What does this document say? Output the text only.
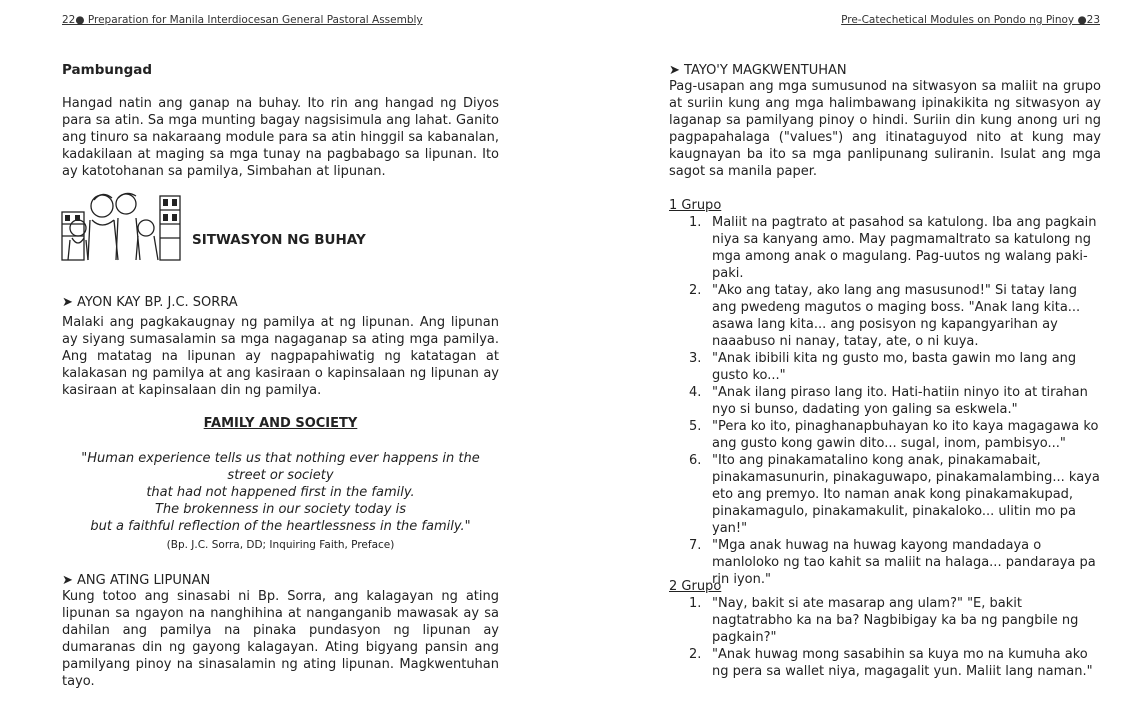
22● Preparation for Manila Interdiocesan General Pastoral Assembly

Pambungad

Hangad natin ang ganap na buhay. Ito rin ang hangad ng Diyos para sa atin. Sa mga munting bagay nagsisimula ang lahat. Ganito ang tinuro sa nakaraang module para sa atin hinggil sa kabanalan, kadakilaan at maging sa mga tunay na pagbabago sa lipunan. Ito ay katotohanan sa pamilya, Simbahan at lipunan.
SITWASYON NG BUHAY
➤ AYON KAY BP. J.C. SORRA
Malaki ang pagkakaugnay ng pamilya at ng lipunan. Ang lipunan ay siyang sumasalamin sa mga nagaganap sa ating mga pamilya. Ang matatag na lipunan ay nagpapahiwatig ng katatagan at kalakasan ng pamilya at ang kasiraan o kapinsalaan ng lipunan ay kasiraan at kapinsalaan din ng pamilya.
FAMILY AND SOCIETY

"Human experience tells us that nothing ever happens in the

street or society

that had not happened first in the family.

The brokenness in our society today is

but a faithful reflection of the heartlessness in the family."

(Bp. J.C. Sorra, DD; Inquiring Faith, Preface)

➤ ANG ATING LIPUNAN
Kung totoo ang sinasabi ni Bp. Sorra, ang kalagayan ng ating lipunan sa ngayon na nanghihina at nanganganib mawasak ay sa dahilan ang pamilya na pinaka pundasyon ng lipunan ay dumaranas din ng gayong kalagayan. Ating bigyang pansin ang pamilyang pinoy na sinasalamin ng ating lipunan. Magkwentuhan tayo.
Pre-Catechetical Modules on Pondo ng Pinoy ●23
➤ TAYO'Y MAGKWENTUHAN
Pag-usapan ang mga sumusunod na sitwasyon sa maliit na grupo at suriin kung ang mga halimbawang ipinakikita ng sitwasyon ay laganap sa pamilyang pinoy o hindi. Suriin din kung anong uri ng pagpapahalaga ("values") ang itinataguyod nito at kung may kaugnayan ba ito sa mga panlipunang suliranin. Isulat ang mga sagot sa manila paper.

1 Grupo

1. Maliit na pagtrato at pasahod sa katulong. Iba ang pagkain niya sa kanyang amo. May pagmamaltrato sa katulong ng mga among anak o magulang. Pag-uutos ng walang paki-paki.
2. "Ako ang tatay, ako lang ang masusunod!" Si tatay lang ang pwedeng magutos o maging boss. "Anak lang kita... asawa lang kita... ang posisyon ng kapangyarihan ay naaabuso ni nanay, tatay, ate, o ni kuya.
3. "Anak ibibili kita ng gusto mo, basta gawin mo lang ang gusto ko..."
4. "Anak ilang piraso lang ito. Hati-hatiin ninyo ito at tirahan nyo si bunso, dadating yon galing sa eskwela."
5. "Pera ko ito, pinaghanapbuhayan ko ito kaya magagawa ko ang gusto kong gawin dito... sugal, inom, pambisyo..."
6. "Ito ang pinakamatalino kong anak, pinakamabait, pinakamasunurin, pinakaguwapo, pinakamalambing... kaya eto ang premyo. Ito naman anak kong pinakamakupad, pinakamagulo, pinakamakulit, pinakaloko... ulitin mo pa yan!"
7. "Mga anak huwag na huwag kayong mandadaya o manloloko ng tao kahit sa maliit na halaga... pandaraya pa rin iyon."

2 Grupo

1. "Nay, bakit si ate masarap ang ulam?" "E, bakit nagtatrabho ka na ba? Nagbibigay ka ba ng pangbile ng pagkain?"
2. "Anak huwag mong sasabihin sa kuya mo na kumuha ako ng pera sa wallet niya, magagalit yun. Maliit lang naman."
